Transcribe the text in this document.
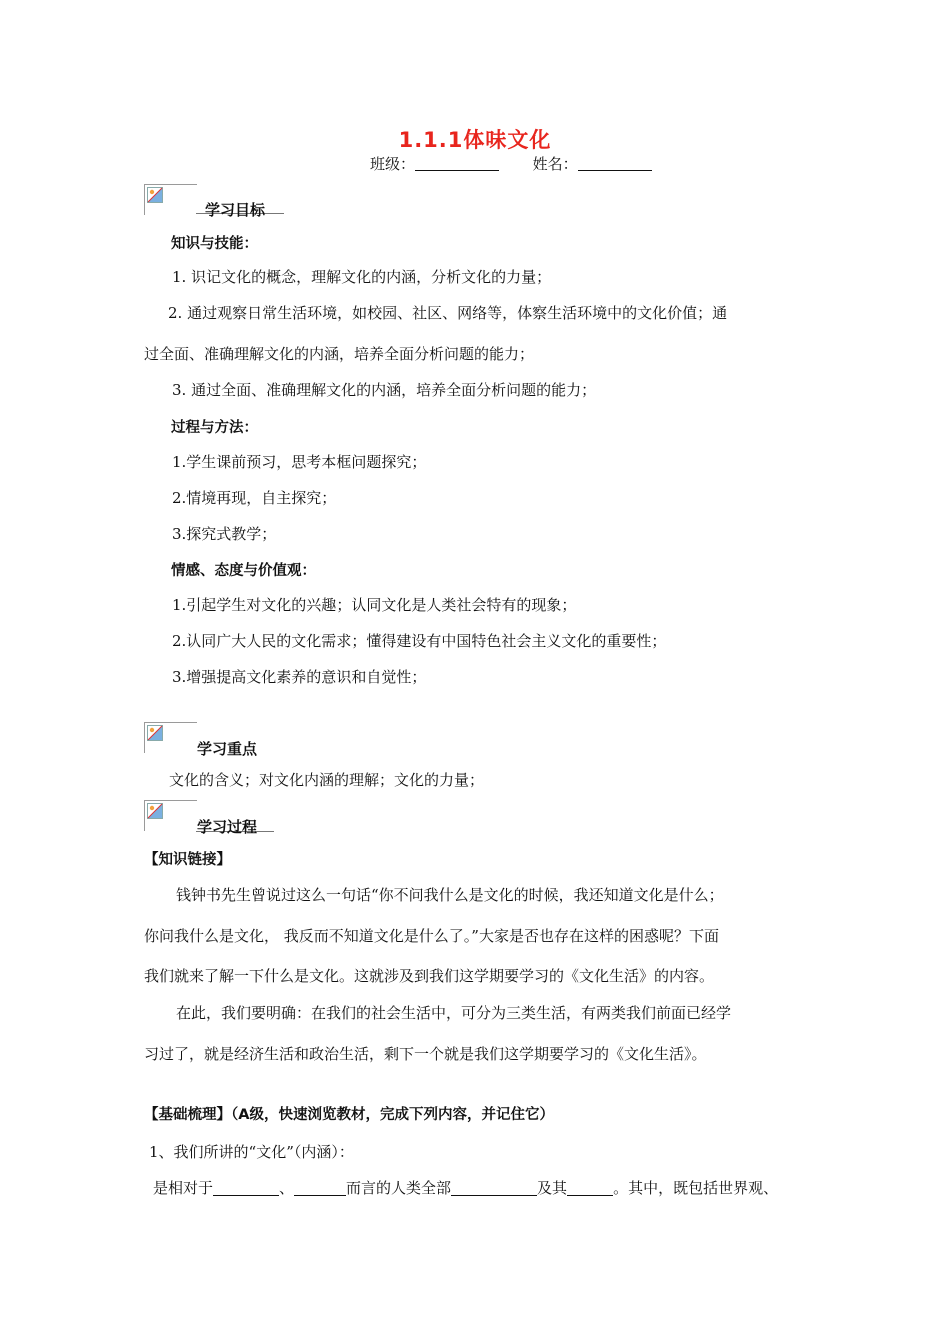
1.1.1体味文化
班级：	姓名：
学习目标
知识与技能：
1. 识记文化的概念，理解文化的内涵，分析文化的力量；
2. 通过观察日常生活环境，如校园、社区、网络等，体察生活环境中的文化价值；通
过全面、准确理解文化的内涵，培养全面分析问题的能力；
3. 通过全面、准确理解文化的内涵，培养全面分析问题的能力；
过程与方法：
1.学生课前预习，思考本框问题探究；
2.情境再现，自主探究；
3.探究式教学；
情感、态度与价值观：
1.引起学生对文化的兴趣；认同文化是人类社会特有的现象；
2.认同广大人民的文化需求；懂得建设有中国特色社会主义文化的重要性；
3.增强提高文化素养的意识和自觉性；
学习重点
文化的含义；对文化内涵的理解；文化的力量；
学习过程
【知识链接】
钱钟书先生曾说过这么一句话“你不问我什么是文化的时候，我还知道文化是什么；
你问我什么是文化， 我反而不知道文化是什么了。”大家是否也存在这样的困惑呢？下面
我们就来了解一下什么是文化。这就涉及到我们这学期要学习的《文化生活》的内容。
在此，我们要明确：在我们的社会生活中，可分为三类生活，有两类我们前面已经学
习过了，就是经济生活和政治生活，剩下一个就是我们这学期要学习的《文化生活》。
【基础梳理】（A级，快速浏览教材，完成下列内容，并记住它）
1、我们所讲的“文化”（内涵）：
是相对于	、	而言的人类全部	及其	。其中，既包括世界观、
